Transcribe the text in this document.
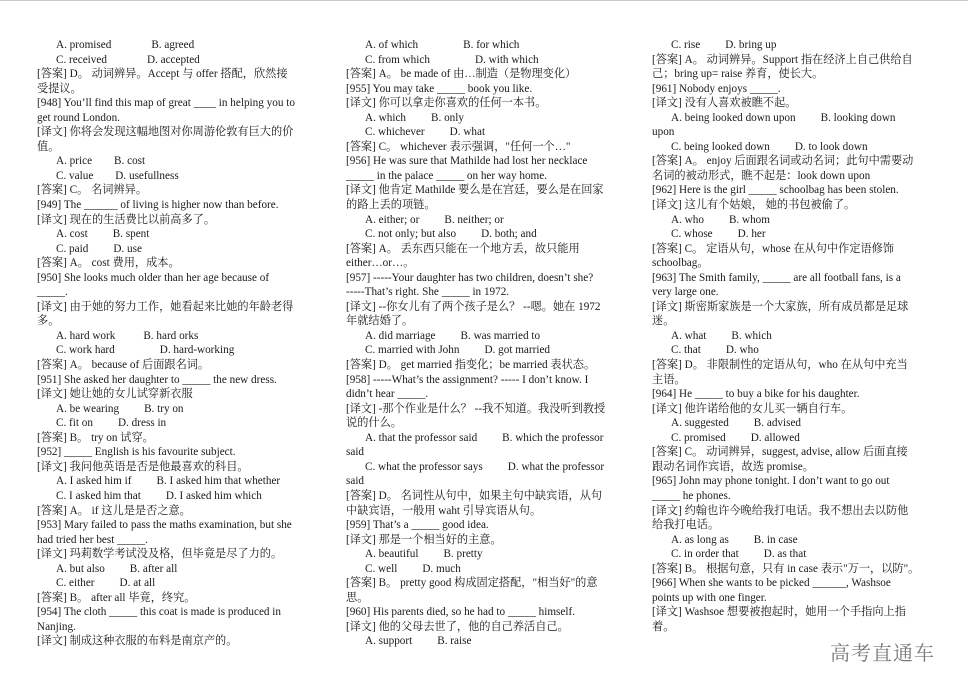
A. promised	B. agreed
C. received	D. accepted
[答案] D。 动词辨异。Accept 与 offer 搭配，欣然接
受提议。
[948] You’ll find this map of great ____ in helping you to
get round London.
[译文] 你将会发现这幅地图对你周游伦敦有巨大的价
值。
A. price B. cost
C. value D. usefullness
[答案] C。 名词辨异。
[949] The ______ of living is higher now than before.
[译文] 现在的生活费比以前高多了。
A. cost B. spent
C. paid D. use
[答案] A。 cost 费用，成本。
[950] She looks much older than her age because of
_____.
[译文] 由于她的努力工作，她看起来比她的年龄老得
多。
A. hard work	B. hard orks
C. work hard	D. hard-working
[答案] A。 because of 后面跟名词。
[951] She asked her daughter to _____ the new dress.
[译文] 她让她的女儿试穿新衣服
A. be wearing B. try on
C. fit on D. dress in
[答案] B。 try on 试穿。
[952] _____ English is his favourite subject.
[译文] 我问他英语是否是他最喜欢的科目。
A. I asked him if B. I asked him that whether
C. I asked him that D. I asked him which
[答案] A。 if 这儿是是否之意。
[953] Mary failed to pass the maths examination, but she
had tried her best _____.
[译文] 玛莉数学考试没及格，但毕竟是尽了力的。
A. but also B. after all
C. either D. at all
[答案] B。 after all 毕竟，终究。
[954] The cloth _____ this coat is made is produced in
Nanjing.
[译文] 制成这种衣服的布料是南京产的。
A. of which	B. for which
C. from which	D. with which
[答案] A。 be made of 由…制造（是物理变化）
[955] You may take _____ book you like.
[译文] 你可以拿走你喜欢的任何一本书。
A. which B. only
C. whichever D. what
[答案] C。 whichever 表示强调，"任何一个…"
[956] He was sure that Mathilde had lost her necklace
_____ in the palace _____ on her way home.
[译文] 他肯定 Mathilde 要么是在宫廷，要么是在回家
的路上丢的项链。
A. either; or B. neither; or
C. not only; but also D. both; and
[答案] A。 丢东西只能在一个地方丢，故只能用
either…or…。
[957] -----Your daughter has two children, doesn’t she?
-----That’s right. She _____ in 1972.
[译文] --你女儿有了两个孩子是么？ --嗯。她在 1972
年就结婚了。
A. did marriage B. was married to
C. married with John D. got married
[答案] D。 get married 指变化；be married 表状态。
[958] -----What’s the assignment? ----- I don’t know. I
didn’t hear _____.
[译文] -那个作业是什么？ --我不知道。我没听到教授
说的什么。
A. that the professor said B. which the professor
said
C. what the professor says D. what the professor
said
[答案] D。 名词性从句中，如果主句中缺宾语，从句
中缺宾语，一般用 waht 引导宾语从句。
[959] That’s a _____ good idea.
[译文] 那是一个相当好的主意。
A. beautiful B. pretty
C. well D. much
[答案] B。 pretty good 构成固定搭配，"相当好"的意
思。
[960] His parents died, so he had to _____ himself.
[译文] 他的父母去世了，他的自己养活自己。
A. support B. raise
C. rise D. bring up
[答案] A。 动词辨异。Support 指在经济上自己供给自
己；bring up= raise 养育，使长大。
[961] Nobody enjoys _____.
[译文] 没有人喜欢被瞧不起。
A. being looked down upon B. looking down
upon
C. being looked down D. to look down
[答案] A。 enjoy 后面跟名词或动名词；此句中需要动
名词的被动形式，瞧不起是：look down upon
[962] Here is the girl _____ schoolbag has been stolen.
[译文] 这儿有个姑娘， 她的书包被偷了。
A. who B. whom
C. whose D. her
[答案] C。 定语从句，whose 在从句中作定语修饰
schoolbag。
[963] The Smith family, _____ are all football fans, is a
very large one.
[译文] 斯密斯家族是一个大家族，所有成员都是足球
迷。
A. what B. which
C. that D. who
[答案] D。 非限制性的定语从句，who 在从句中充当
主语。
[964] He _____ to buy a bike for his daughter.
[译文] 他许诺给他的女儿买一辆自行车。
A. suggested B. advised
C. promised D. allowed
[答案] C。 动词辨异，suggest, advise, allow 后面直接
跟动名词作宾语，故选 promise。
[965] John may phone tonight. I don’t want to go out
_____ he phones.
[译文] 约翰也许今晚给我打电话。我不想出去以防他
给我打电话。
A. as long as B. in case
C. in order that D. as that
[答案] B。 根据句意，只有 in case 表示"万一，以防"。
[966] When she wants to be picked ______, Washsoe
points up with one finger.
[译文] Washsoe 想要被抱起时，她用一个手指向上指
着。
高考直通车
